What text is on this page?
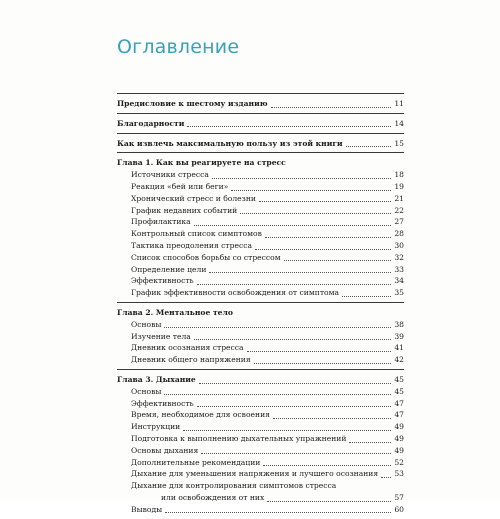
Оглавление
Предисловие к шестому изданию	11
Благодарности	14
Как извлечь максимальную пользу из этой книги	15
Глава 1. Как вы реагируете на стресс
Источники стресса	18
Реакция «бей или беги»	19
Хронический стресс и болезни	21
График недавних событий	22
Профилактика	27
Контрольный список симптомов	28
Тактика преодоления стресса	30
Список способов борьбы со стрессом	32
Определение цели	33
Эффективность	34
График эффективности освобождения от симптома	35
Глава 2. Ментальное тело
Основы	38
Изучение тела	39
Дневник осознания стресса	41
Дневник общего напряжения	42
Глава 3. Дыхание	45
Основы	45
Эффективность	47
Время, необходимое для освоения	47
Инструкции	49
Подготовка к выполнению дыхательных упражнений	49
Основы дыхания	49
Дополнительные рекомендации	52
Дыхание для уменьшения напряжения и лучшего осознания 53
Дыхание для контролирования симптомов стресса
или освобождения от них	57
Выводы	60
